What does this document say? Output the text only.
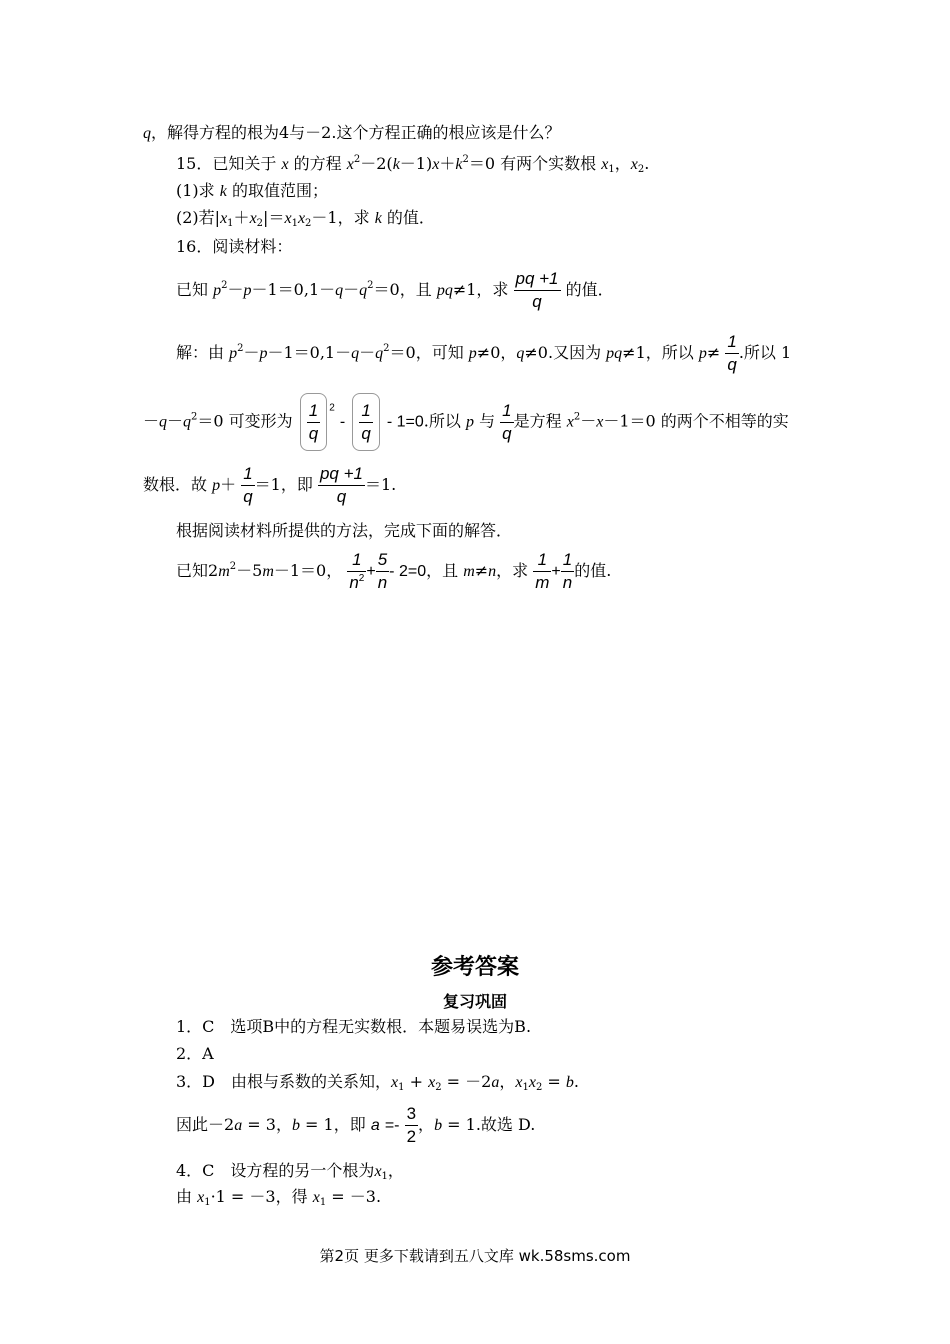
q，解得方程的根为4与－2.这个方程正确的根应该是什么？
15．已知关于 x 的方程 $x^2-2(k-1)x+k^2=0$ 有两个实数根 $x_1$，$x_2$.
(1)求 k 的取值范围；
(2)若$|x_1+x_2|=x_1x_2-1$，求 k 的值．
16．阅读材料：
已知 $p^2-p-1=0,1-q-q^2=0$，且 pq≠1，求 $\frac{pq +1}{q}$ 的值．
解：由 $p^2-p-1=0,1-q-q^2=0$，可知 p≠0，q≠0.又因为 pq≠1，所以 $p\ne \frac{1}{q}$ .所以 1
$-q-q^2=0$ 可变形为 $\frac{1}{q} ^2 - \frac{1}{q} - 1=0$.所以 p 与 $\frac{1}{q}$ 是方程 $x^2-x-1=0$ 的两个不相等的实
数根．故 $p+ \frac{1}{q} =1$，即 $\frac{pq +1}{q} =1$.
根据阅读材料所提供的方法，完成下面的解答．
已知$2m^2-5m-1=0$， $\frac{1}{n^2} + \frac{5}{n} - 2=0$，且 m≠n，求 $\frac{1}{m} + \frac{1}{n}$ 的值.
参考答案
复习巩固
1．C　选项B中的方程无实数根．本题易误选为B.
2．A
3．D　由根与系数的关系知，$x_1 + x_2 = -2a$，$x_1x_2 = b$.
因此－2a = 3，b = 1，即 $a =- \frac{3}{2}$ ，b = 1.故选 D.
4．C　设方程的另一个根为$x_1$，
由 $x_1\cdot 1 = -3$，得 $x_1 = -3$.
第2页 更多下载请到五八文库 wk.58sms.com
